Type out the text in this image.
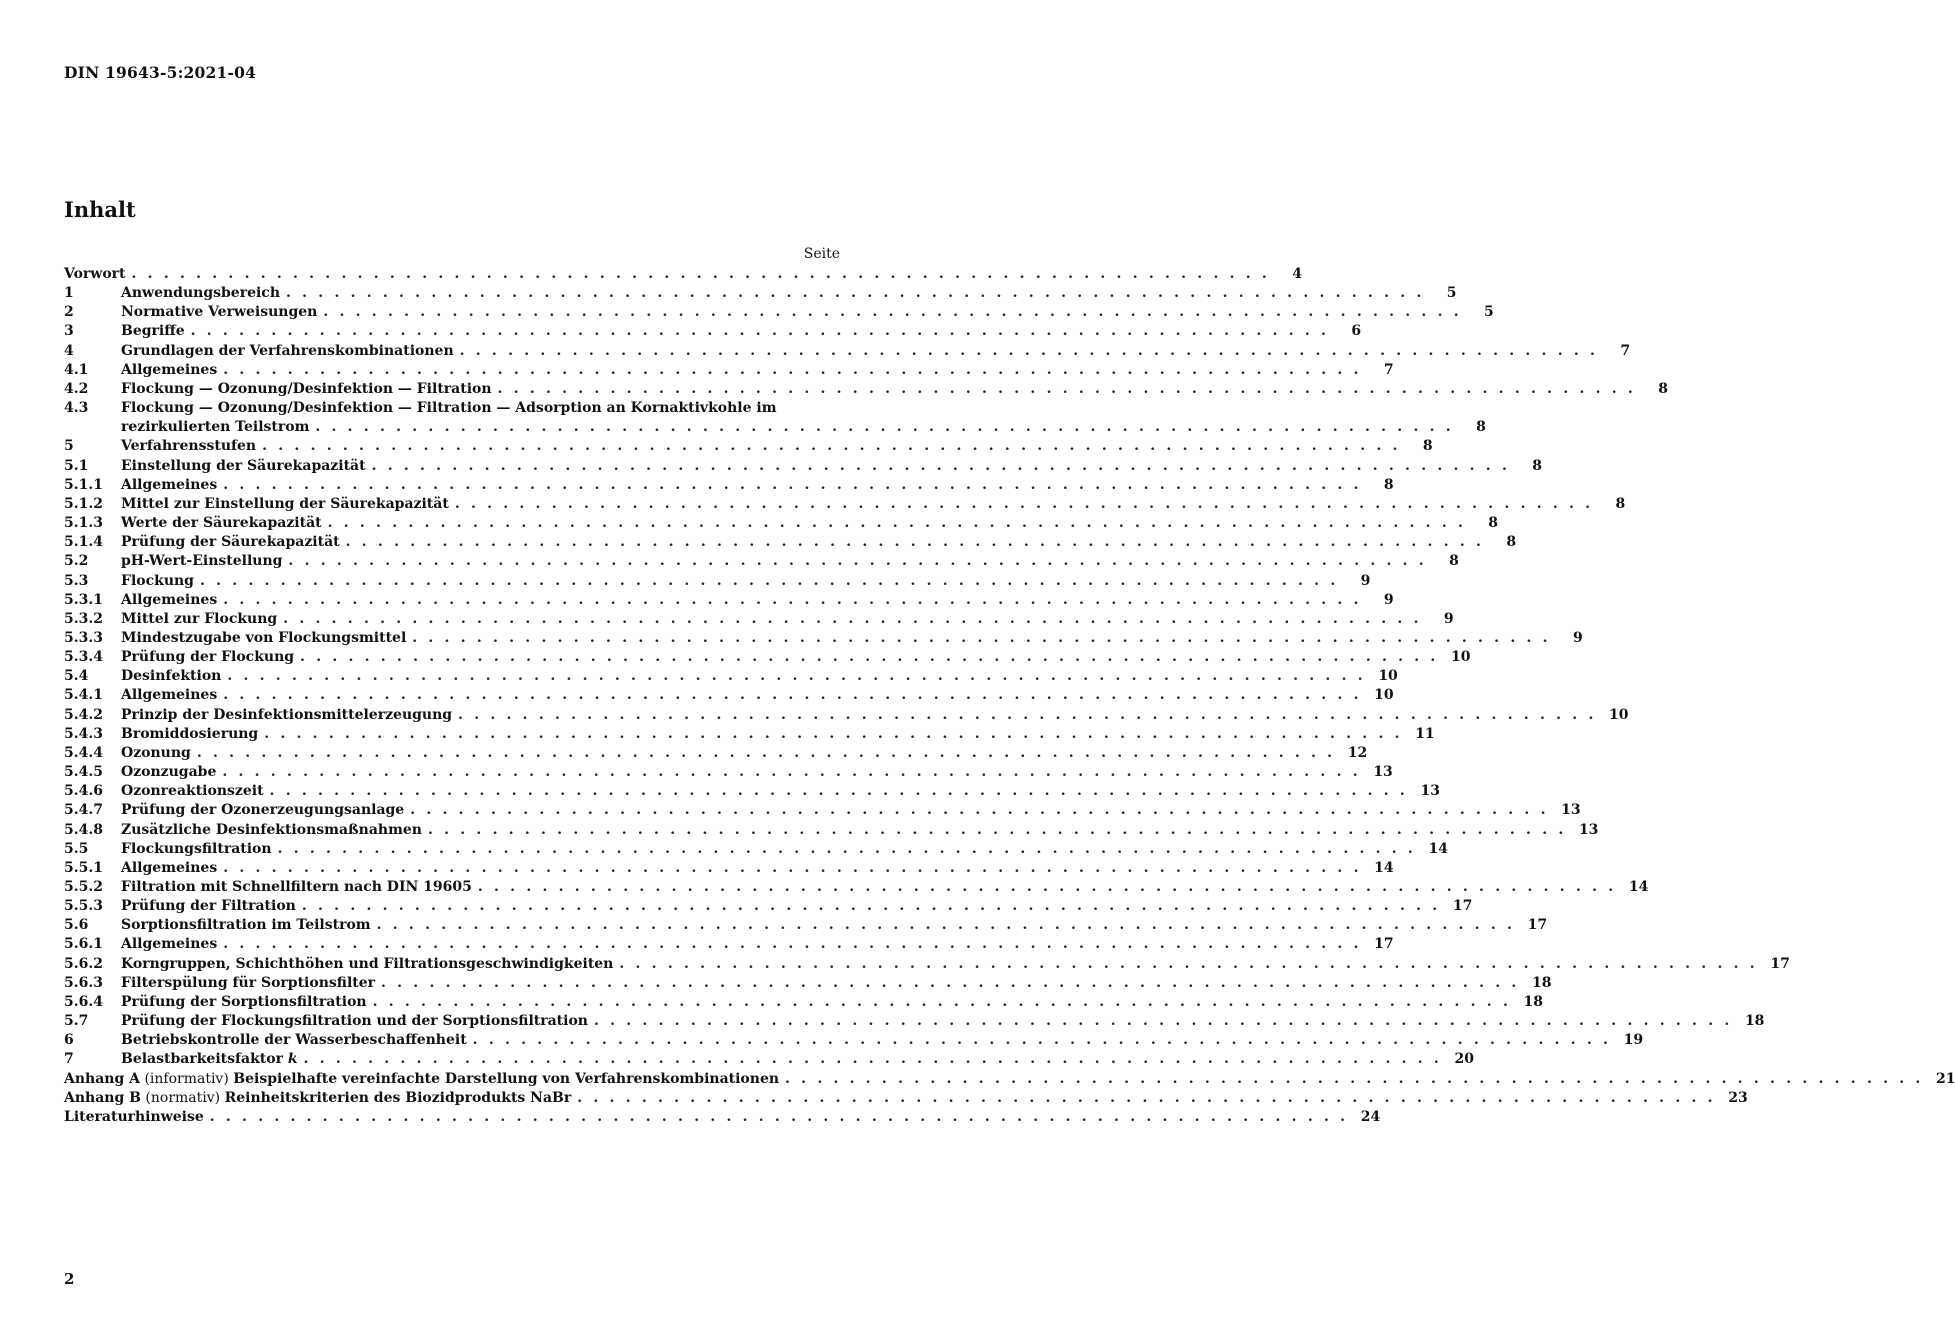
DIN 19643-5:2021-04
Inhalt
Seite
Vorwort . . . . . . . . . . . . . . . . . . . . . . . . . . . . . . . . . . . . . . . . . . . . . . . . . . . . . . . . . . . . . . . . . . . . . . .	4
1	Anwendungsbereich . . . . . . . . . . . . . . . . . . . . . . . . . . . . . . . . . . . . . . . . . . . . . . . . . . . . . . . . . . . . . . . . . . . . . . .	5
2	Normative Verweisungen . . . . . . . . . . . . . . . . . . . . . . . . . . . . . . . . . . . . . . . . . . . . . . . . . . . . . . . . . . . . . . . . . . . . . . .	5
3	Begriffe . . . . . . . . . . . . . . . . . . . . . . . . . . . . . . . . . . . . . . . . . . . . . . . . . . . . . . . . . . . . . . . . . . . . . . .	6
4	Grundlagen der Verfahrenskombinationen . . . . . . . . . . . . . . . . . . . . . . . . . . . . . . . . . . . . . . . . . . . . . . . . . . . . . . . . . . . . . . . . . . . . . . .	7
4.1	Allgemeines . . . . . . . . . . . . . . . . . . . . . . . . . . . . . . . . . . . . . . . . . . . . . . . . . . . . . . . . . . . . . . . . . . . . . . .	7
4.2	Flockung — Ozonung/Desinfektion — Filtration . . . . . . . . . . . . . . . . . . . . . . . . . . . . . . . . . . . . . . . . . . . . . . . . . . . . . . . . . . . . . . . . . . . . . . .	8
4.3	Flockung — Ozonung/Desinfektion — Filtration — Adsorption an Kornaktivkohle im
rezirkulierten Teilstrom . . . . . . . . . . . . . . . . . . . . . . . . . . . . . . . . . . . . . . . . . . . . . . . . . . . . . . . . . . . . . . . . . . . . . . .	8
5	Verfahrensstufen . . . . . . . . . . . . . . . . . . . . . . . . . . . . . . . . . . . . . . . . . . . . . . . . . . . . . . . . . . . . . . . . . . . . . . .	8
5.1	Einstellung der Säurekapazität . . . . . . . . . . . . . . . . . . . . . . . . . . . . . . . . . . . . . . . . . . . . . . . . . . . . . . . . . . . . . . . . . . . . . . .	8
5.1.1	Allgemeines . . . . . . . . . . . . . . . . . . . . . . . . . . . . . . . . . . . . . . . . . . . . . . . . . . . . . . . . . . . . . . . . . . . . . . .	8
5.1.2	Mittel zur Einstellung der Säurekapazität . . . . . . . . . . . . . . . . . . . . . . . . . . . . . . . . . . . . . . . . . . . . . . . . . . . . . . . . . . . . . . . . . . . . . . .	8
5.1.3	Werte der Säurekapazität . . . . . . . . . . . . . . . . . . . . . . . . . . . . . . . . . . . . . . . . . . . . . . . . . . . . . . . . . . . . . . . . . . . . . . .	8
5.1.4	Prüfung der Säurekapazität . . . . . . . . . . . . . . . . . . . . . . . . . . . . . . . . . . . . . . . . . . . . . . . . . . . . . . . . . . . . . . . . . . . . . . .	8
5.2	pH-Wert-Einstellung . . . . . . . . . . . . . . . . . . . . . . . . . . . . . . . . . . . . . . . . . . . . . . . . . . . . . . . . . . . . . . . . . . . . . . .	8
5.3	Flockung . . . . . . . . . . . . . . . . . . . . . . . . . . . . . . . . . . . . . . . . . . . . . . . . . . . . . . . . . . . . . . . . . . . . . . .	9
5.3.1	Allgemeines . . . . . . . . . . . . . . . . . . . . . . . . . . . . . . . . . . . . . . . . . . . . . . . . . . . . . . . . . . . . . . . . . . . . . . .	9
5.3.2	Mittel zur Flockung . . . . . . . . . . . . . . . . . . . . . . . . . . . . . . . . . . . . . . . . . . . . . . . . . . . . . . . . . . . . . . . . . . . . . . .	9
5.3.3	Mindestzugabe von Flockungsmittel . . . . . . . . . . . . . . . . . . . . . . . . . . . . . . . . . . . . . . . . . . . . . . . . . . . . . . . . . . . . . . . . . . . . . . .	9
5.3.4	Prüfung der Flockung . . . . . . . . . . . . . . . . . . . . . . . . . . . . . . . . . . . . . . . . . . . . . . . . . . . . . . . . . . . . . . . . . . . . . . . 10
5.4	Desinfektion . . . . . . . . . . . . . . . . . . . . . . . . . . . . . . . . . . . . . . . . . . . . . . . . . . . . . . . . . . . . . . . . . . . . . . . 10
5.4.1	Allgemeines . . . . . . . . . . . . . . . . . . . . . . . . . . . . . . . . . . . . . . . . . . . . . . . . . . . . . . . . . . . . . . . . . . . . . . . 10
5.4.2	Prinzip der Desinfektionsmittelerzeugung . . . . . . . . . . . . . . . . . . . . . . . . . . . . . . . . . . . . . . . . . . . . . . . . . . . . . . . . . . . . . . . . . . . . . . . 10
5.4.3	Bromiddosierung . . . . . . . . . . . . . . . . . . . . . . . . . . . . . . . . . . . . . . . . . . . . . . . . . . . . . . . . . . . . . . . . . . . . . . . 11
5.4.4	Ozonung . . . . . . . . . . . . . . . . . . . . . . . . . . . . . . . . . . . . . . . . . . . . . . . . . . . . . . . . . . . . . . . . . . . . . . . 12
5.4.5	Ozonzugabe . . . . . . . . . . . . . . . . . . . . . . . . . . . . . . . . . . . . . . . . . . . . . . . . . . . . . . . . . . . . . . . . . . . . . . . 13
5.4.6	Ozonreaktionszeit . . . . . . . . . . . . . . . . . . . . . . . . . . . . . . . . . . . . . . . . . . . . . . . . . . . . . . . . . . . . . . . . . . . . . . . 13
5.4.7	Prüfung der Ozonerzeugungsanlage . . . . . . . . . . . . . . . . . . . . . . . . . . . . . . . . . . . . . . . . . . . . . . . . . . . . . . . . . . . . . . . . . . . . . . . 13
5.4.8	Zusätzliche Desinfektionsmaßnahmen . . . . . . . . . . . . . . . . . . . . . . . . . . . . . . . . . . . . . . . . . . . . . . . . . . . . . . . . . . . . . . . . . . . . . . . 13
5.5	Flockungsfiltration . . . . . . . . . . . . . . . . . . . . . . . . . . . . . . . . . . . . . . . . . . . . . . . . . . . . . . . . . . . . . . . . . . . . . . . 14
5.5.1	Allgemeines . . . . . . . . . . . . . . . . . . . . . . . . . . . . . . . . . . . . . . . . . . . . . . . . . . . . . . . . . . . . . . . . . . . . . . . 14
5.5.2	Filtration mit Schnellfiltern nach DIN 19605 . . . . . . . . . . . . . . . . . . . . . . . . . . . . . . . . . . . . . . . . . . . . . . . . . . . . . . . . . . . . . . . . . . . . . . . 14
5.5.3	Prüfung der Filtration . . . . . . . . . . . . . . . . . . . . . . . . . . . . . . . . . . . . . . . . . . . . . . . . . . . . . . . . . . . . . . . . . . . . . . . 17
5.6	Sorptionsfiltration im Teilstrom . . . . . . . . . . . . . . . . . . . . . . . . . . . . . . . . . . . . . . . . . . . . . . . . . . . . . . . . . . . . . . . . . . . . . . . 17
5.6.1	Allgemeines . . . . . . . . . . . . . . . . . . . . . . . . . . . . . . . . . . . . . . . . . . . . . . . . . . . . . . . . . . . . . . . . . . . . . . . 17
5.6.2	Korngruppen, Schichthöhen und Filtrationsgeschwindigkeiten . . . . . . . . . . . . . . . . . . . . . . . . . . . . . . . . . . . . . . . . . . . . . . . . . . . . . . . . . . . . . . . . . . . . . . . 17
5.6.3	Filterspülung für Sorptionsfilter . . . . . . . . . . . . . . . . . . . . . . . . . . . . . . . . . . . . . . . . . . . . . . . . . . . . . . . . . . . . . . . . . . . . . . . 18
5.6.4	Prüfung der Sorptionsfiltration . . . . . . . . . . . . . . . . . . . . . . . . . . . . . . . . . . . . . . . . . . . . . . . . . . . . . . . . . . . . . . . . . . . . . . . 18
5.7	Prüfung der Flockungsfiltration und der Sorptionsfiltration . . . . . . . . . . . . . . . . . . . . . . . . . . . . . . . . . . . . . . . . . . . . . . . . . . . . . . . . . . . . . . . . . . . . . . . 18
6	Betriebskontrolle der Wasserbeschaffenheit . . . . . . . . . . . . . . . . . . . . . . . . . . . . . . . . . . . . . . . . . . . . . . . . . . . . . . . . . . . . . . . . . . . . . . . 19
7	Belastbarkeitsfaktor k . . . . . . . . . . . . . . . . . . . . . . . . . . . . . . . . . . . . . . . . . . . . . . . . . . . . . . . . . . . . . . . . . . . . . . . 20
Anhang A (informativ) Beispielhafte vereinfachte Darstellung von Verfahrenskombinationen . . . . . . . . . . . . . . . . . . . . . . . . . . . . . . . . . . . . . . . . . . . . . . . . . . . . . . . . . . . . . . . . . . . . . . . 21
Anhang B (normativ) Reinheitskriterien des Biozidprodukts NaBr . . . . . . . . . . . . . . . . . . . . . . . . . . . . . . . . . . . . . . . . . . . . . . . . . . . . . . . . . . . . . . . . . . . . . . . 23
Literaturhinweise . . . . . . . . . . . . . . . . . . . . . . . . . . . . . . . . . . . . . . . . . . . . . . . . . . . . . . . . . . . . . . . . . . . . . . . 24
2
